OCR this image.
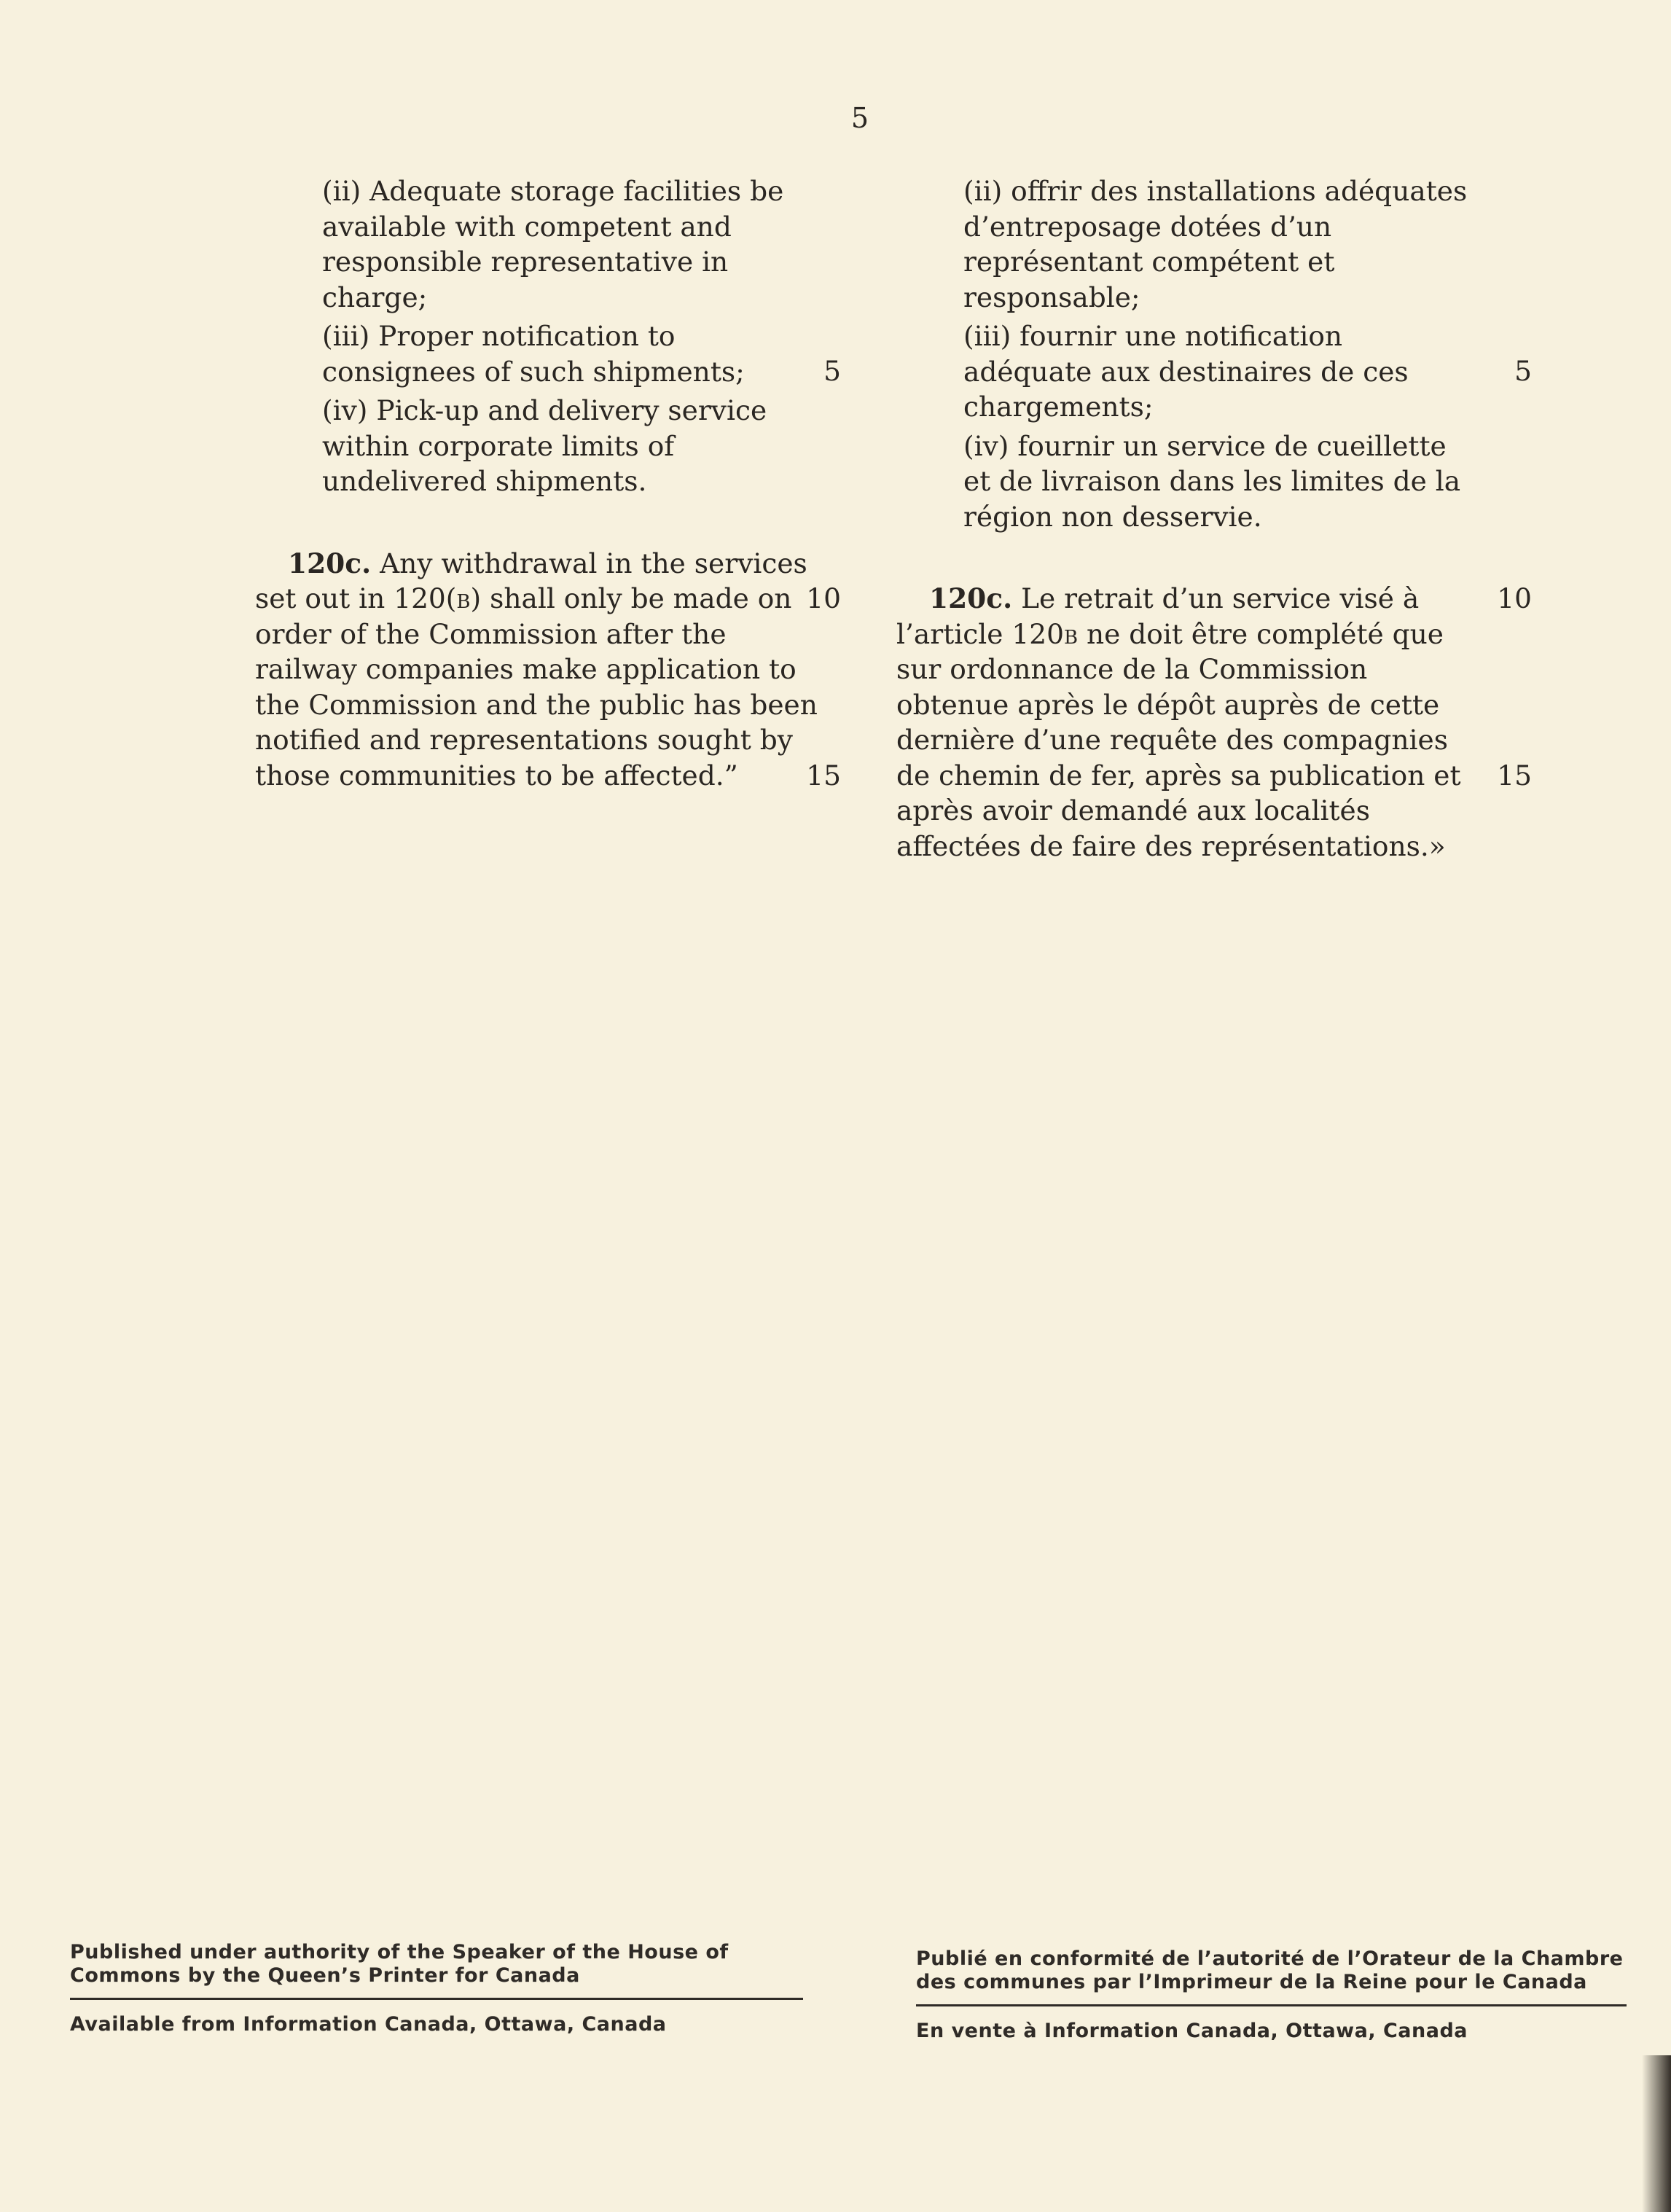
5
(ii) Adequate storage facilities be available with competent and responsible representative in charge;
(iii) Proper notification to consignees of such shipments;	5
(iv) Pick-up and delivery service within corporate limits of undelivered shipments.
120c. Any withdrawal in the services set out in 120(b) shall only be made on order of the Commission after the railway companies make application to the Commission and the public has been notified and representations sought by those communities to be affected.”
10
15
(ii) offrir des installations adéquates d’entreposage dotées d’un représentant compétent et responsable;
(iii) fournir une notification adéquate aux destinaires de ces chargements;
5
(iv) fournir un service de cueillette et de livraison dans les limites de la région non desservie.
120c. Le retrait d’un service visé à l’article 120b ne doit être complété que sur ordonnance de la Commission obtenue après le dépôt auprès de cette dernière d’une requête des compagnies de chemin de fer, après sa publication et après avoir demandé aux localités affectées de faire des représentations.»
10
15
Published under authority of the Speaker of the House of Commons by the Queen’s Printer for Canada
Available from Information Canada, Ottawa, Canada
Publié en conformité de l’autorité de l’Orateur de la Chambre des communes par l’Imprimeur de la Reine pour le Canada
En vente à Information Canada, Ottawa, Canada
